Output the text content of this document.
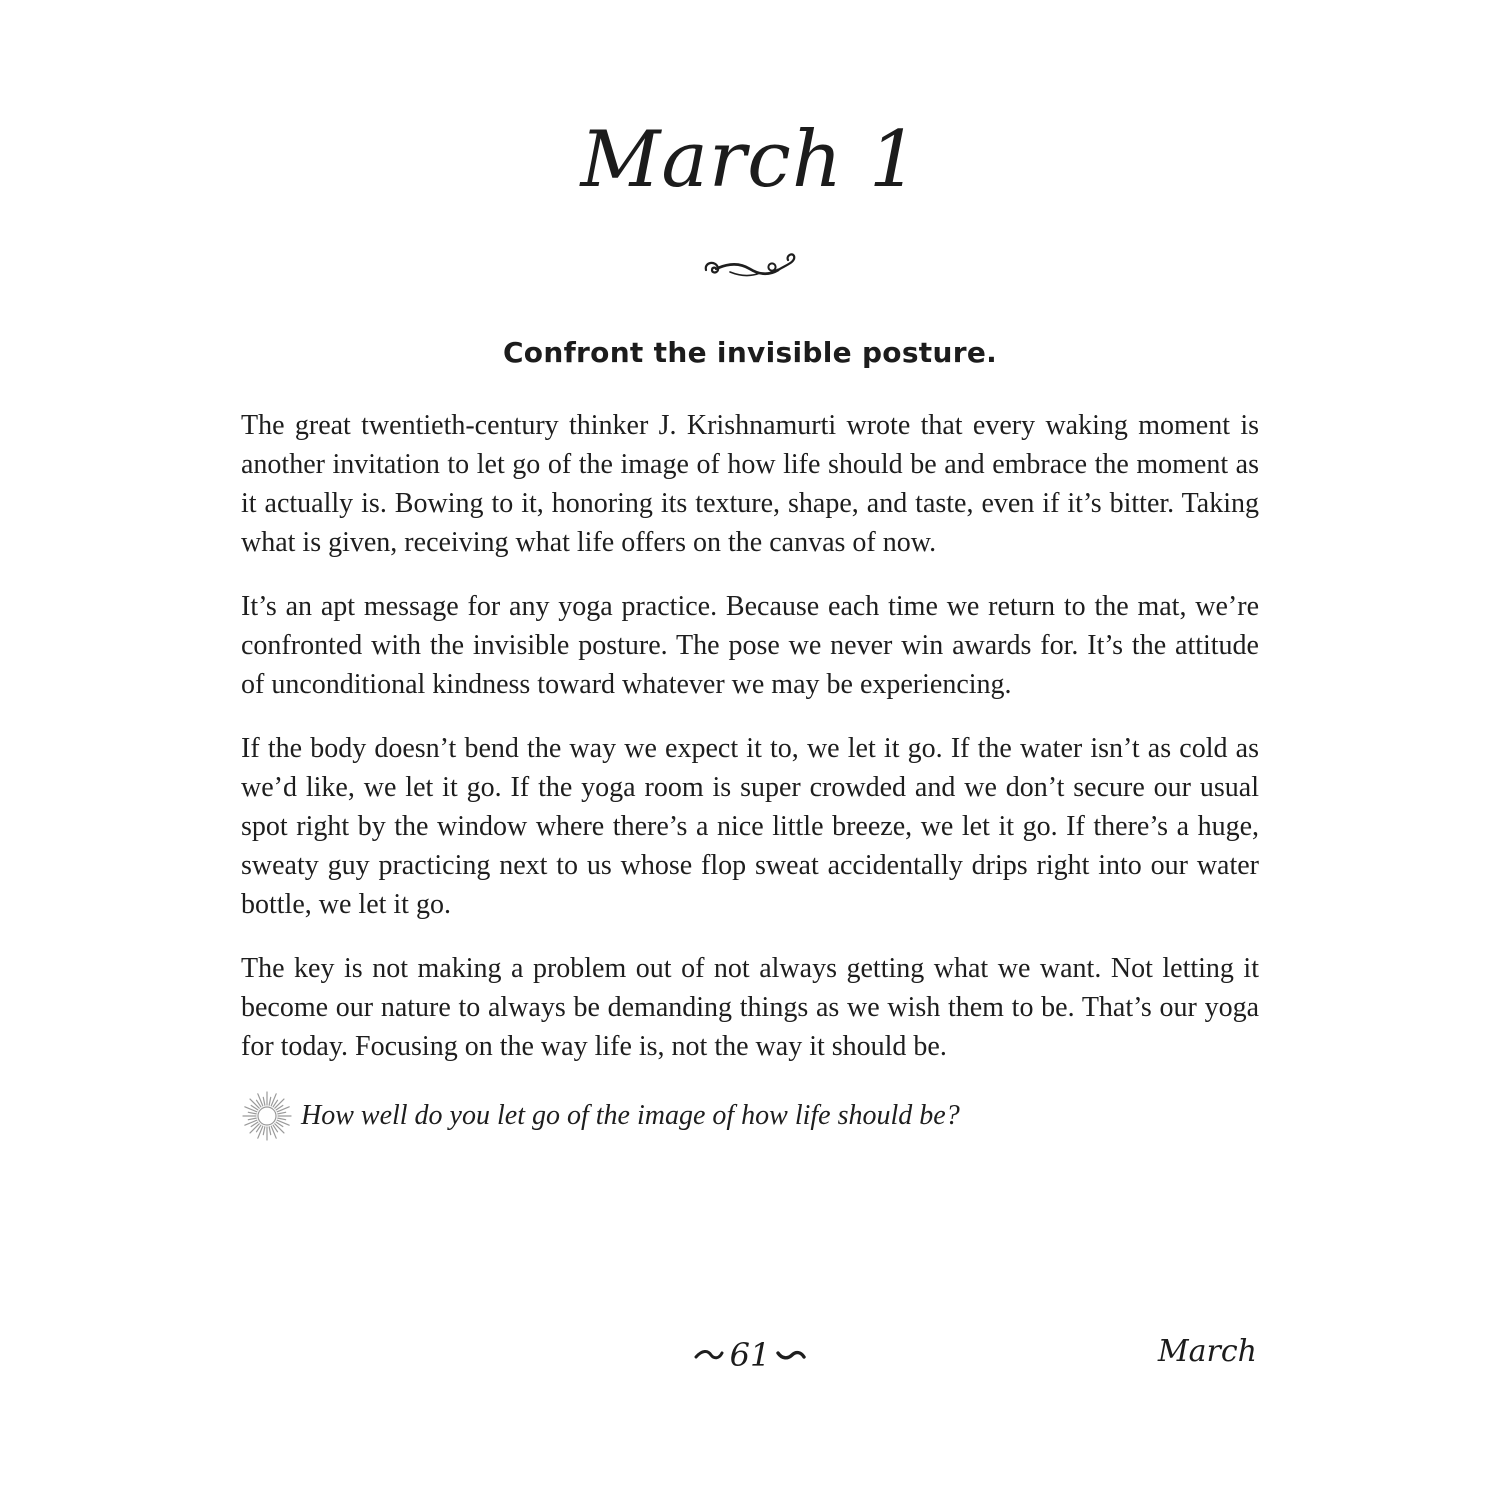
March 1
Confront the invisible posture.

The great twentieth-century thinker J. Krishnamurti wrote that every waking moment is another invitation to let go of the image of how life should be and embrace the moment as it actually is. Bowing to it, honoring its texture, shape, and taste, even if it’s bitter. Taking what is given, receiving what life offers on the canvas of now.

It’s an apt message for any yoga practice. Because each time we return to the mat, we’re confronted with the invisible posture. The pose we never win awards for. It’s the attitude of unconditional kindness toward whatever we may be experiencing.

If the body doesn’t bend the way we expect it to, we let it go. If the water isn’t as cold as we’d like, we let it go. If the yoga room is super crowded and we don’t secure our usual spot right by the window where there’s a nice little breeze, we let it go. If there’s a huge, sweaty guy practicing next to us whose flop sweat accidentally drips right into our water bottle, we let it go.

The key is not making a problem out of not always getting what we want. Not letting it become our nature to always be demanding things as we wish them to be. That’s our yoga for today. Focusing on the way life is, not the way it should be.

How well do you let go of the image of how life should be?
61	March
